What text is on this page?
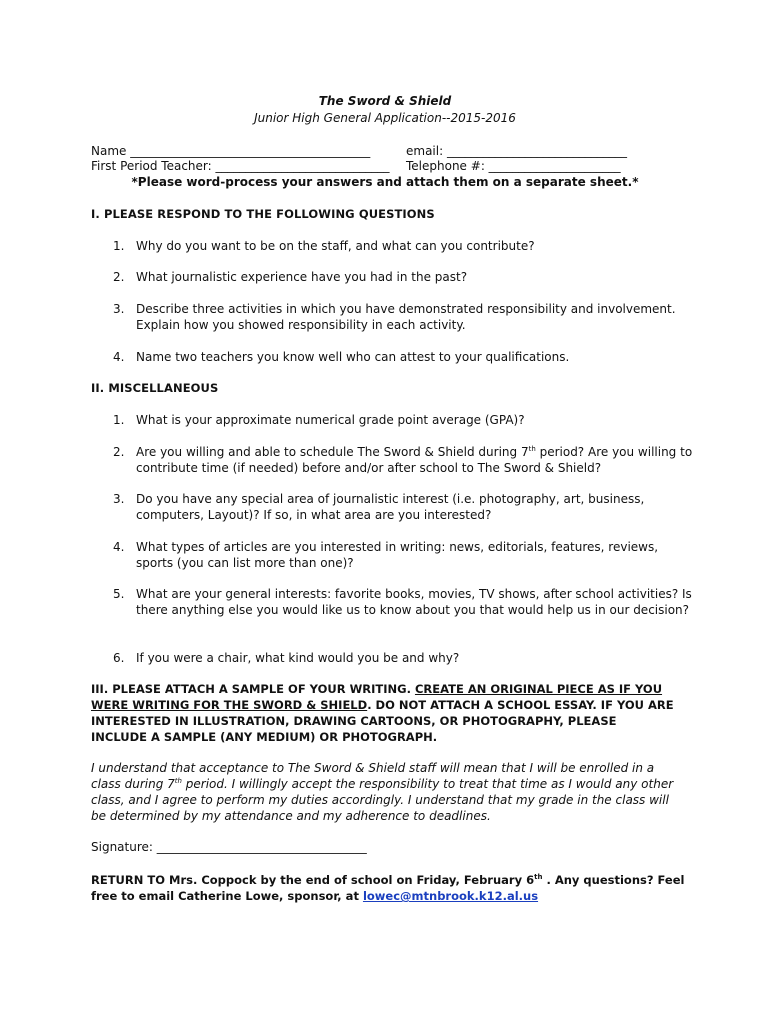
The Sword & Shield
Junior High General Application--2015-2016
Name ________________________________________	email: ______________________________
First Period Teacher: _____________________________ Telephone #: ______________________
*Please word-process your answers and attach them on a separate sheet.*
I. PLEASE RESPOND TO THE FOLLOWING QUESTIONS
1. Why do you want to be on the staff, and what can you contribute?
2. What journalistic experience have you had in the past?
3. Describe three activities in which you have demonstrated responsibility and involvement. Explain how you showed responsibility in each activity.
4. Name two teachers you know well who can attest to your qualifications.
II. MISCELLANEOUS
1. What is your approximate numerical grade point average (GPA)?
2. Are you willing and able to schedule The Sword & Shield during 7th period? Are you willing to contribute time (if needed) before and/or after school to The Sword & Shield?
3. Do you have any special area of journalistic interest (i.e. photography, art, business, computers, Layout)? If so, in what area are you interested?
4. What types of articles are you interested in writing: news, editorials, features, reviews, sports (you can list more than one)?
5. What are your general interests: favorite books, movies, TV shows, after school activities? Is there anything else you would like us to know about you that would help us in our decision?
6. If you were a chair, what kind would you be and why?
III. PLEASE ATTACH A SAMPLE OF YOUR WRITING. CREATE AN ORIGINAL PIECE AS IF YOU WERE WRITING FOR THE SWORD & SHIELD. DO NOT ATTACH A SCHOOL ESSAY. IF YOU ARE INTERESTED IN ILLUSTRATION, DRAWING CARTOONS, OR PHOTOGRAPHY, PLEASE INCLUDE A SAMPLE (ANY MEDIUM) OR PHOTOGRAPH.
I understand that acceptance to The Sword & Shield staff will mean that I will be enrolled in a class during 7th period. I willingly accept the responsibility to treat that time as I would any other class, and I agree to perform my duties accordingly. I understand that my grade in the class will be determined by my attendance and my adherence to deadlines.
Signature: ___________________________________
RETURN TO Mrs. Coppock by the end of school on Friday, February 6th . Any questions? Feel free to email Catherine Lowe, sponsor, at lowec@mtnbrook.k12.al.us
